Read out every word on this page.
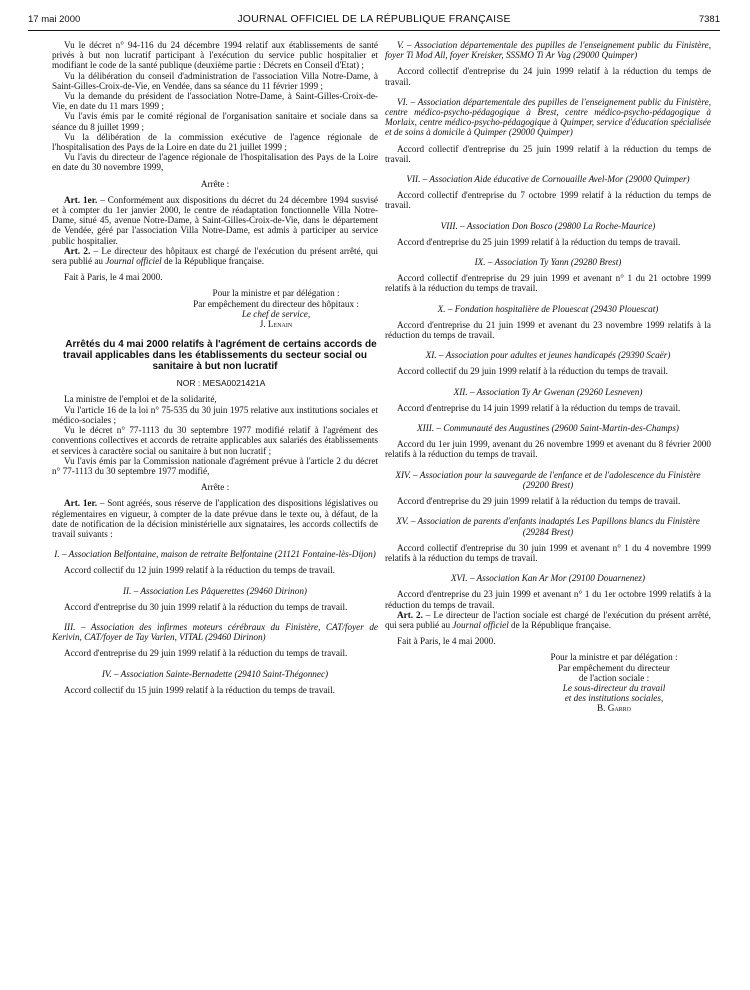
17 mai 2000	JOURNAL OFFICIEL DE LA RÉPUBLIQUE FRANÇAISE	7381

Vu le décret n° 94-116 du 24 décembre 1994 relatif aux établissements de santé privés à but non lucratif participant à l'exécution du service public hospitalier et modifiant le code de la santé publique (deuxième partie : Décrets en Conseil d'Etat) ;

Vu la délibération du conseil d'administration de l'association Villa Notre-Dame, à Saint-Gilles-Croix-de-Vie, en Vendée, dans sa séance du 11 février 1999 ;

Vu la demande du président de l'association Notre-Dame, à Saint-Gilles-Croix-de-Vie, en date du 11 mars 1999 ;

Vu l'avis émis par le comité régional de l'organisation sanitaire et sociale dans sa séance du 8 juillet 1999 ;

Vu la délibération de la commission exécutive de l'agence régionale de l'hospitalisation des Pays de la Loire en date du 21 juillet 1999 ;

Vu l'avis du directeur de l'agence régionale de l'hospitalisation des Pays de la Loire en date du 30 novembre 1999,

Arrête :

Art. 1er. – Conformément aux dispositions du décret du 24 décembre 1994 susvisé et à compter du 1er janvier 2000, le centre de réadaptation fonctionnelle Villa Notre-Dame, situé 45, avenue Notre-Dame, à Saint-Gilles-Croix-de-Vie, dans le département de Vendée, géré par l'association Villa Notre-Dame, est admis à participer au service public hospitalier.

Art. 2. – Le directeur des hôpitaux est chargé de l'exécution du présent arrêté, qui sera publié au Journal officiel de la République française.

Fait à Paris, le 4 mai 2000.

Pour la ministre et par délégation :

Par empêchement du directeur des hôpitaux :

Le chef de service,

J. Lenain

Arrêtés du 4 mai 2000 relatifs à l'agrément de certains accords de travail applicables dans les établissements du secteur social ou sanitaire à but non lucratif

NOR : MESA0021421A

La ministre de l'emploi et de la solidarité,

Vu l'article 16 de la loi n° 75-535 du 30 juin 1975 relative aux institutions sociales et médico-sociales ;

Vu le décret n° 77-1113 du 30 septembre 1977 modifié relatif à l'agrément des conventions collectives et accords de retraite applicables aux salariés des établissements et services à caractère social ou sanitaire à but non lucratif ;

Vu l'avis émis par la Commission nationale d'agrément prévue à l'article 2 du décret n° 77-1113 du 30 septembre 1977 modifié,

Arrête :

Art. 1er. – Sont agréés, sous réserve de l'application des dispositions législatives ou réglementaires en vigueur, à compter de la date prévue dans le texte ou, à défaut, de la date de notification de la décision ministérielle aux signataires, les accords collectifs de travail suivants :

I. – Association Belfontaine, maison de retraite Belfontaine (21121 Fontaine-lès-Dijon)

Accord collectif du 12 juin 1999 relatif à la réduction du temps de travail.

II. – Association Les Pâquerettes (29460 Dirinon)

Accord d'entreprise du 30 juin 1999 relatif à la réduction du temps de travail.

III. – Association des infirmes moteurs cérébraux du Finistère, CAT/foyer de Kerivin, CAT/foyer de Tay Varlen, VITAL (29460 Dirinon)

Accord d'entreprise du 29 juin 1999 relatif à la réduction du temps de travail.

IV. – Association Sainte-Bernadette (29410 Saint-Thégonnec)

Accord collectif du 15 juin 1999 relatif à la réduction du temps de travail.

V. – Association départementale des pupilles de l'enseignement public du Finistère, foyer Ti Mod All, foyer Kreisker, SSSMO Ti Ar Vag (29000 Quimper)

Accord collectif d'entreprise du 24 juin 1999 relatif à la réduction du temps de travail.

VI. – Association départementale des pupilles de l'enseignement public du Finistère, centre médico-psycho-pédagogique à Brest, centre médico-psycho-pédagogique à Morlaix, centre médico-psycho-pédagogique à Quimper, service d'éducation spécialisée et de soins à domicile à Quimper (29000 Quimper)

Accord collectif d'entreprise du 25 juin 1999 relatif à la réduction du temps de travail.

VII. – Association Aide éducative de Cornouaille Avel-Mor (29000 Quimper)

Accord collectif d'entreprise du 7 octobre 1999 relatif à la réduction du temps de travail.

VIII. – Association Don Bosco (29800 La Roche-Maurice)

Accord d'entreprise du 25 juin 1999 relatif à la réduction du temps de travail.

IX. – Association Ty Yann (29280 Brest)

Accord collectif d'entreprise du 29 juin 1999 et avenant n° 1 du 21 octobre 1999 relatifs à la réduction du temps de travail.

X. – Fondation hospitalière de Plouescat (29430 Plouescat)

Accord d'entreprise du 21 juin 1999 et avenant du 23 novembre 1999 relatifs à la réduction du temps de travail.

XI. – Association pour adultes et jeunes handicapés (29390 Scaër)

Accord collectif du 29 juin 1999 relatif à la réduction du temps de travail.

XII. – Association Ty Ar Gwenan (29260 Lesneven)

Accord d'entreprise du 14 juin 1999 relatif à la réduction du temps de travail.

XIII. – Communauté des Augustines (29600 Saint-Martin-des-Champs)

Accord du 1er juin 1999, avenant du 26 novembre 1999 et avenant du 8 février 2000 relatifs à la réduction du temps de travail.

XIV. – Association pour la sauvegarde de l'enfance et de l'adolescence du Finistère (29200 Brest)

Accord d'entreprise du 29 juin 1999 relatif à la réduction du temps de travail.

XV. – Association de parents d'enfants inadaptés Les Papillons blancs du Finistère (29284 Brest)

Accord collectif d'entreprise du 30 juin 1999 et avenant n° 1 du 4 novembre 1999 relatifs à la réduction du temps de travail.

XVI. – Association Kan Ar Mor (29100 Douarnenez)

Accord d'entreprise du 23 juin 1999 et avenant n° 1 du 1er octobre 1999 relatifs à la réduction du temps de travail.

Art. 2. – Le directeur de l'action sociale est chargé de l'exécution du présent arrêté, qui sera publié au Journal officiel de la République française.

Fait à Paris, le 4 mai 2000.

Pour la ministre et par délégation :

Par empêchement du directeur

de l'action sociale :

Le sous-directeur du travail

et des institutions sociales,

B. Garro
